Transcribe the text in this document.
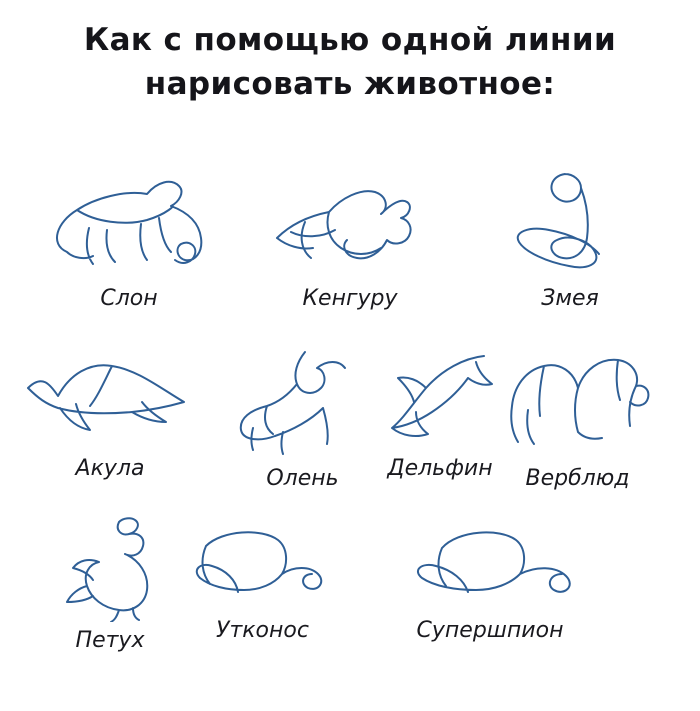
Как с помощью одной линии
нарисовать животное:
Слон	Кенгуру	Змея
Акула	Олень	Дельфин	Верблюд
Петух	Утконос	Супершпион
